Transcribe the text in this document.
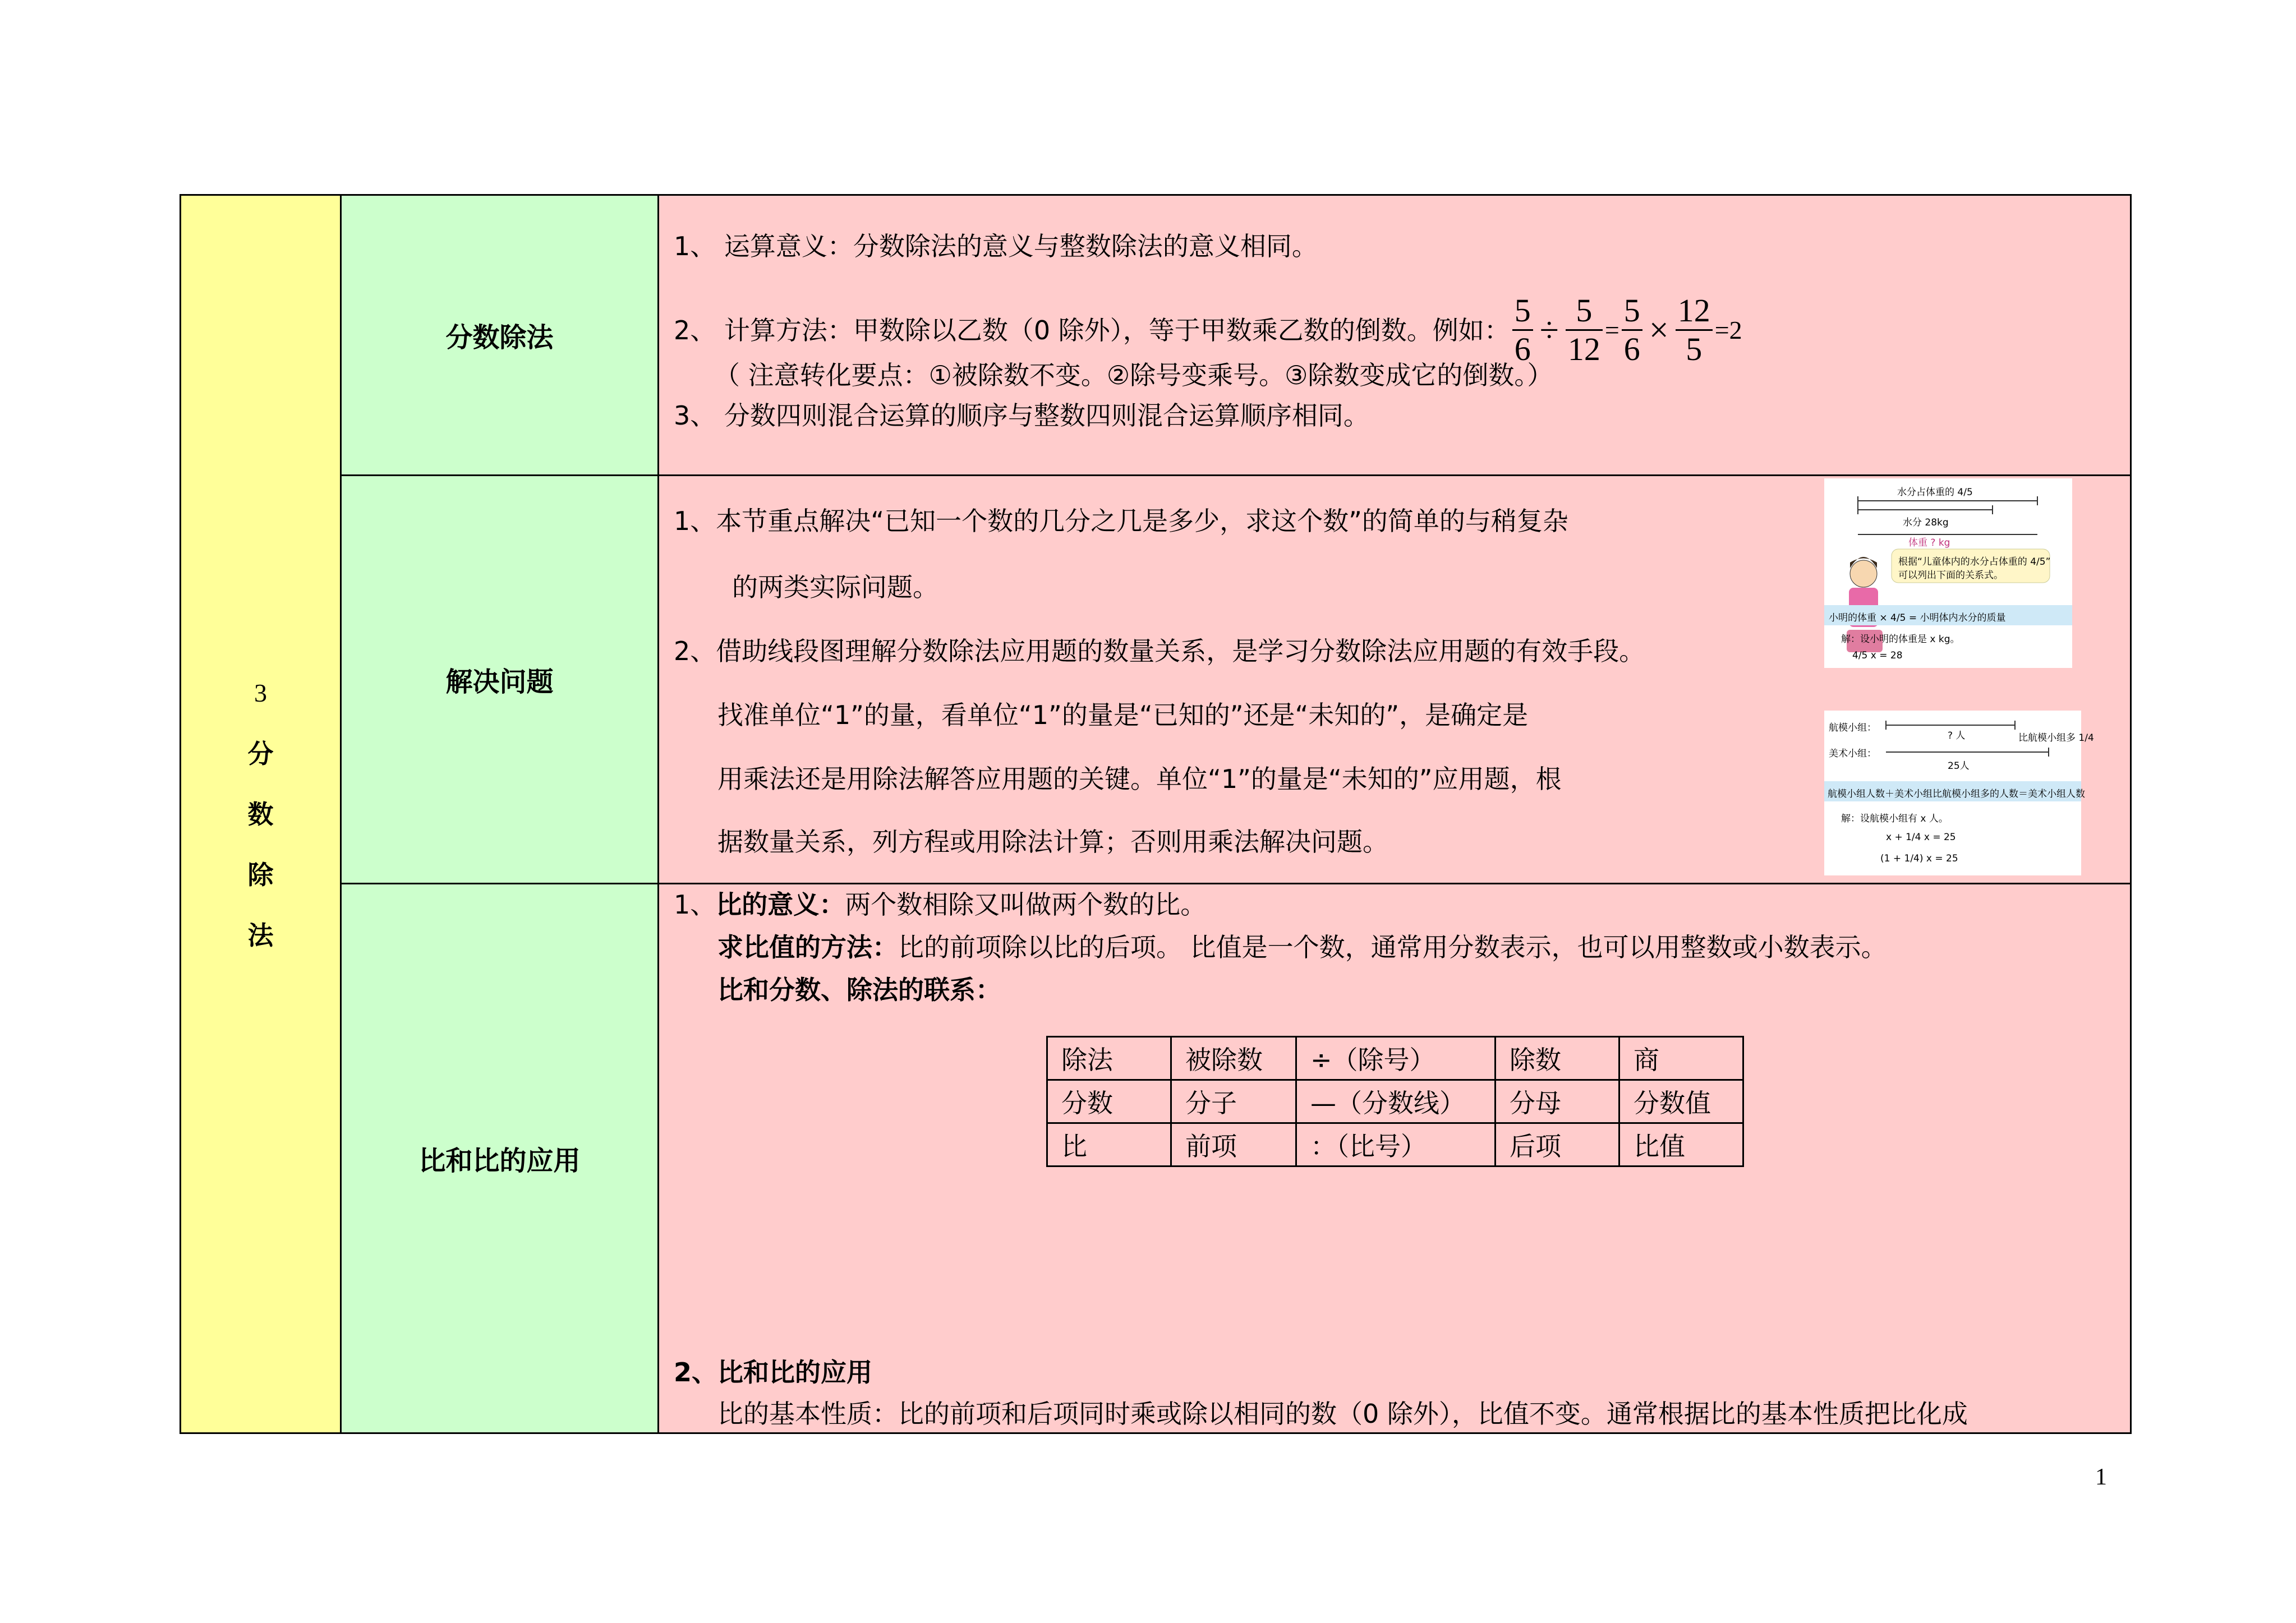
3
分
数
除
法
	分数除法	
1、 运算意义：分数除法的意义与整数除法的意义相同。
2、 计算方法：甲数除以乙数（0 除外），等于甲数乘乙数的倒数。例如： $\frac{5}{6} \div \frac{5}{12} = \frac{5}{6} \times \frac{12}{5} =2$
（ 注意转化要点：①被除数不变。②除号变乘号。③除数变成它的倒数。）
3、 分数四则混合运算的顺序与整数四则混合运算顺序相同。

解决问题	
1、本节重点解决“已知一个数的几分之几是多少，求这个数”的简单的与稍复杂
的两类实际问题。
2、借助线段图理解分数除法应用题的数量关系，是学习分数除法应用题的有效手段。
找准单位“1”的量，看单位“1”的量是“已知的”还是“未知的”，是确定是
用乘法还是用除法解答应用题的关键。单位“1”的量是“未知的”应用题，根
据数量关系，列方程或用除法计算；否则用乘法解决问题。
水分占体重的 4/5
水分 28kg
体重 ? kg
根据“儿童体内的水分占体重的 4/5”
可以列出下面的关系式。
小明的体重 × 4/5 = 小明体内水分的质量
解：设小明的体重是 x kg。
4/5 x = 28
航模小组：
? 人	比航模小组多 1/4
美术小组：
25人
航模小组人数＋美术小组比航模小组多的人数＝美术小组人数
解：设航模小组有 x 人。
x + 1/4 x = 25
(1 + 1/4) x = 25

比和比的应用	
1、比的意义：两个数相除又叫做两个数的比。
求比值的方法：比的前项除以比的后项。 比值是一个数，通常用分数表示，也可以用整数或小数表示。
比和分数、除法的联系：
除法	被除数	÷（除号）	除数	商
分数	分子	—（分数线）	分母	分数值
比	前项	：（比号）	后项	比值
2、比和比的应用
比的基本性质：比的前项和后项同时乘或除以相同的数（0 除外），比值不变。通常根据比的基本性质把比化成
1
